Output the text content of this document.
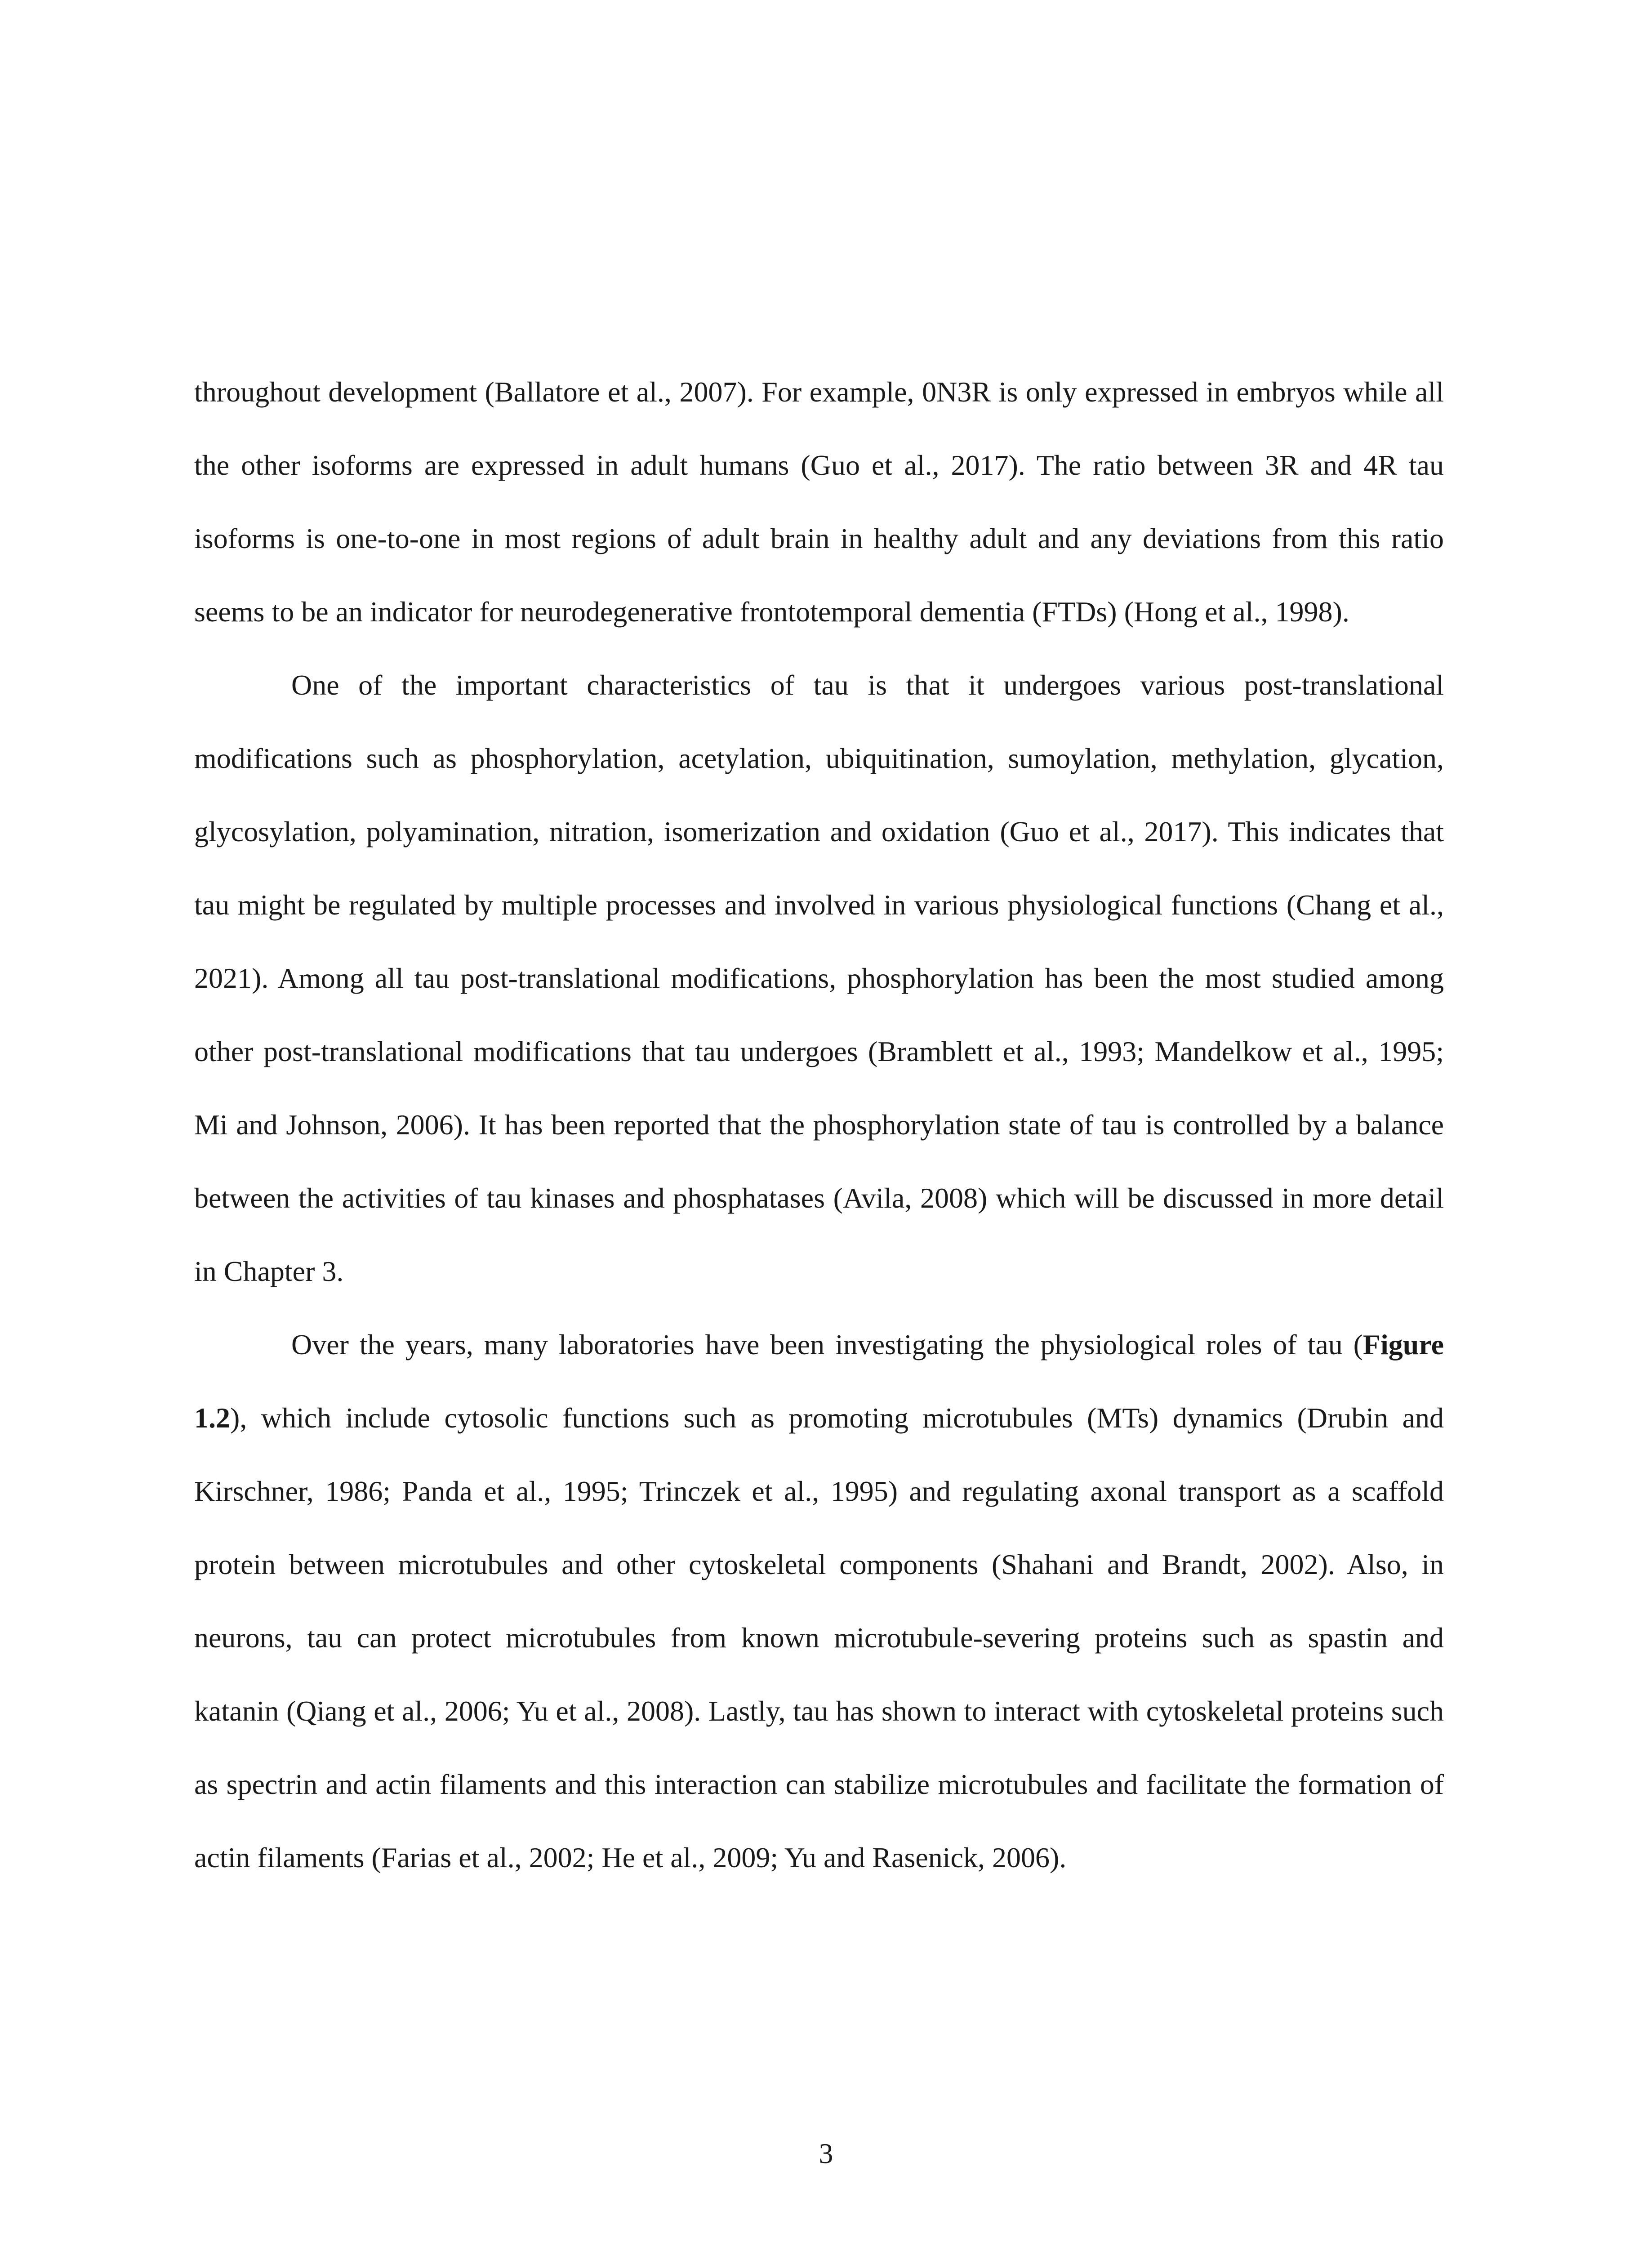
throughout development (Ballatore et al., 2007). For example, 0N3R is only expressed in embryos while all the other isoforms are expressed in adult humans (Guo et al., 2017). The ratio between 3R and 4R tau isoforms is one-to-one in most regions of adult brain in healthy adult and any deviations from this ratio seems to be an indicator for neurodegenerative frontotemporal dementia (FTDs) (Hong et al., 1998).

One of the important characteristics of tau is that it undergoes various post-translational modifications such as phosphorylation, acetylation, ubiquitination, sumoylation, methylation, glycation, glycosylation, polyamination, nitration, isomerization and oxidation (Guo et al., 2017). This indicates that tau might be regulated by multiple processes and involved in various physiological functions (Chang et al., 2021). Among all tau post-translational modifications, phosphorylation has been the most studied among other post-translational modifications that tau undergoes (Bramblett et al., 1993; Mandelkow et al., 1995; Mi and Johnson, 2006). It has been reported that the phosphorylation state of tau is controlled by a balance between the activities of tau kinases and phosphatases (Avila, 2008) which will be discussed in more detail in Chapter 3.

Over the years, many laboratories have been investigating the physiological roles of tau (Figure 1.2), which include cytosolic functions such as promoting microtubules (MTs) dynamics (Drubin and Kirschner, 1986; Panda et al., 1995; Trinczek et al., 1995) and regulating axonal transport as a scaffold protein between microtubules and other cytoskeletal components (Shahani and Brandt, 2002). Also, in neurons, tau can protect microtubules from known microtubule-severing proteins such as spastin and katanin (Qiang et al., 2006; Yu et al., 2008). Lastly, tau has shown to interact with cytoskeletal proteins such as spectrin and actin filaments and this interaction can stabilize microtubules and facilitate the formation of actin filaments (Farias et al., 2002; He et al., 2009; Yu and Rasenick, 2006).

3
